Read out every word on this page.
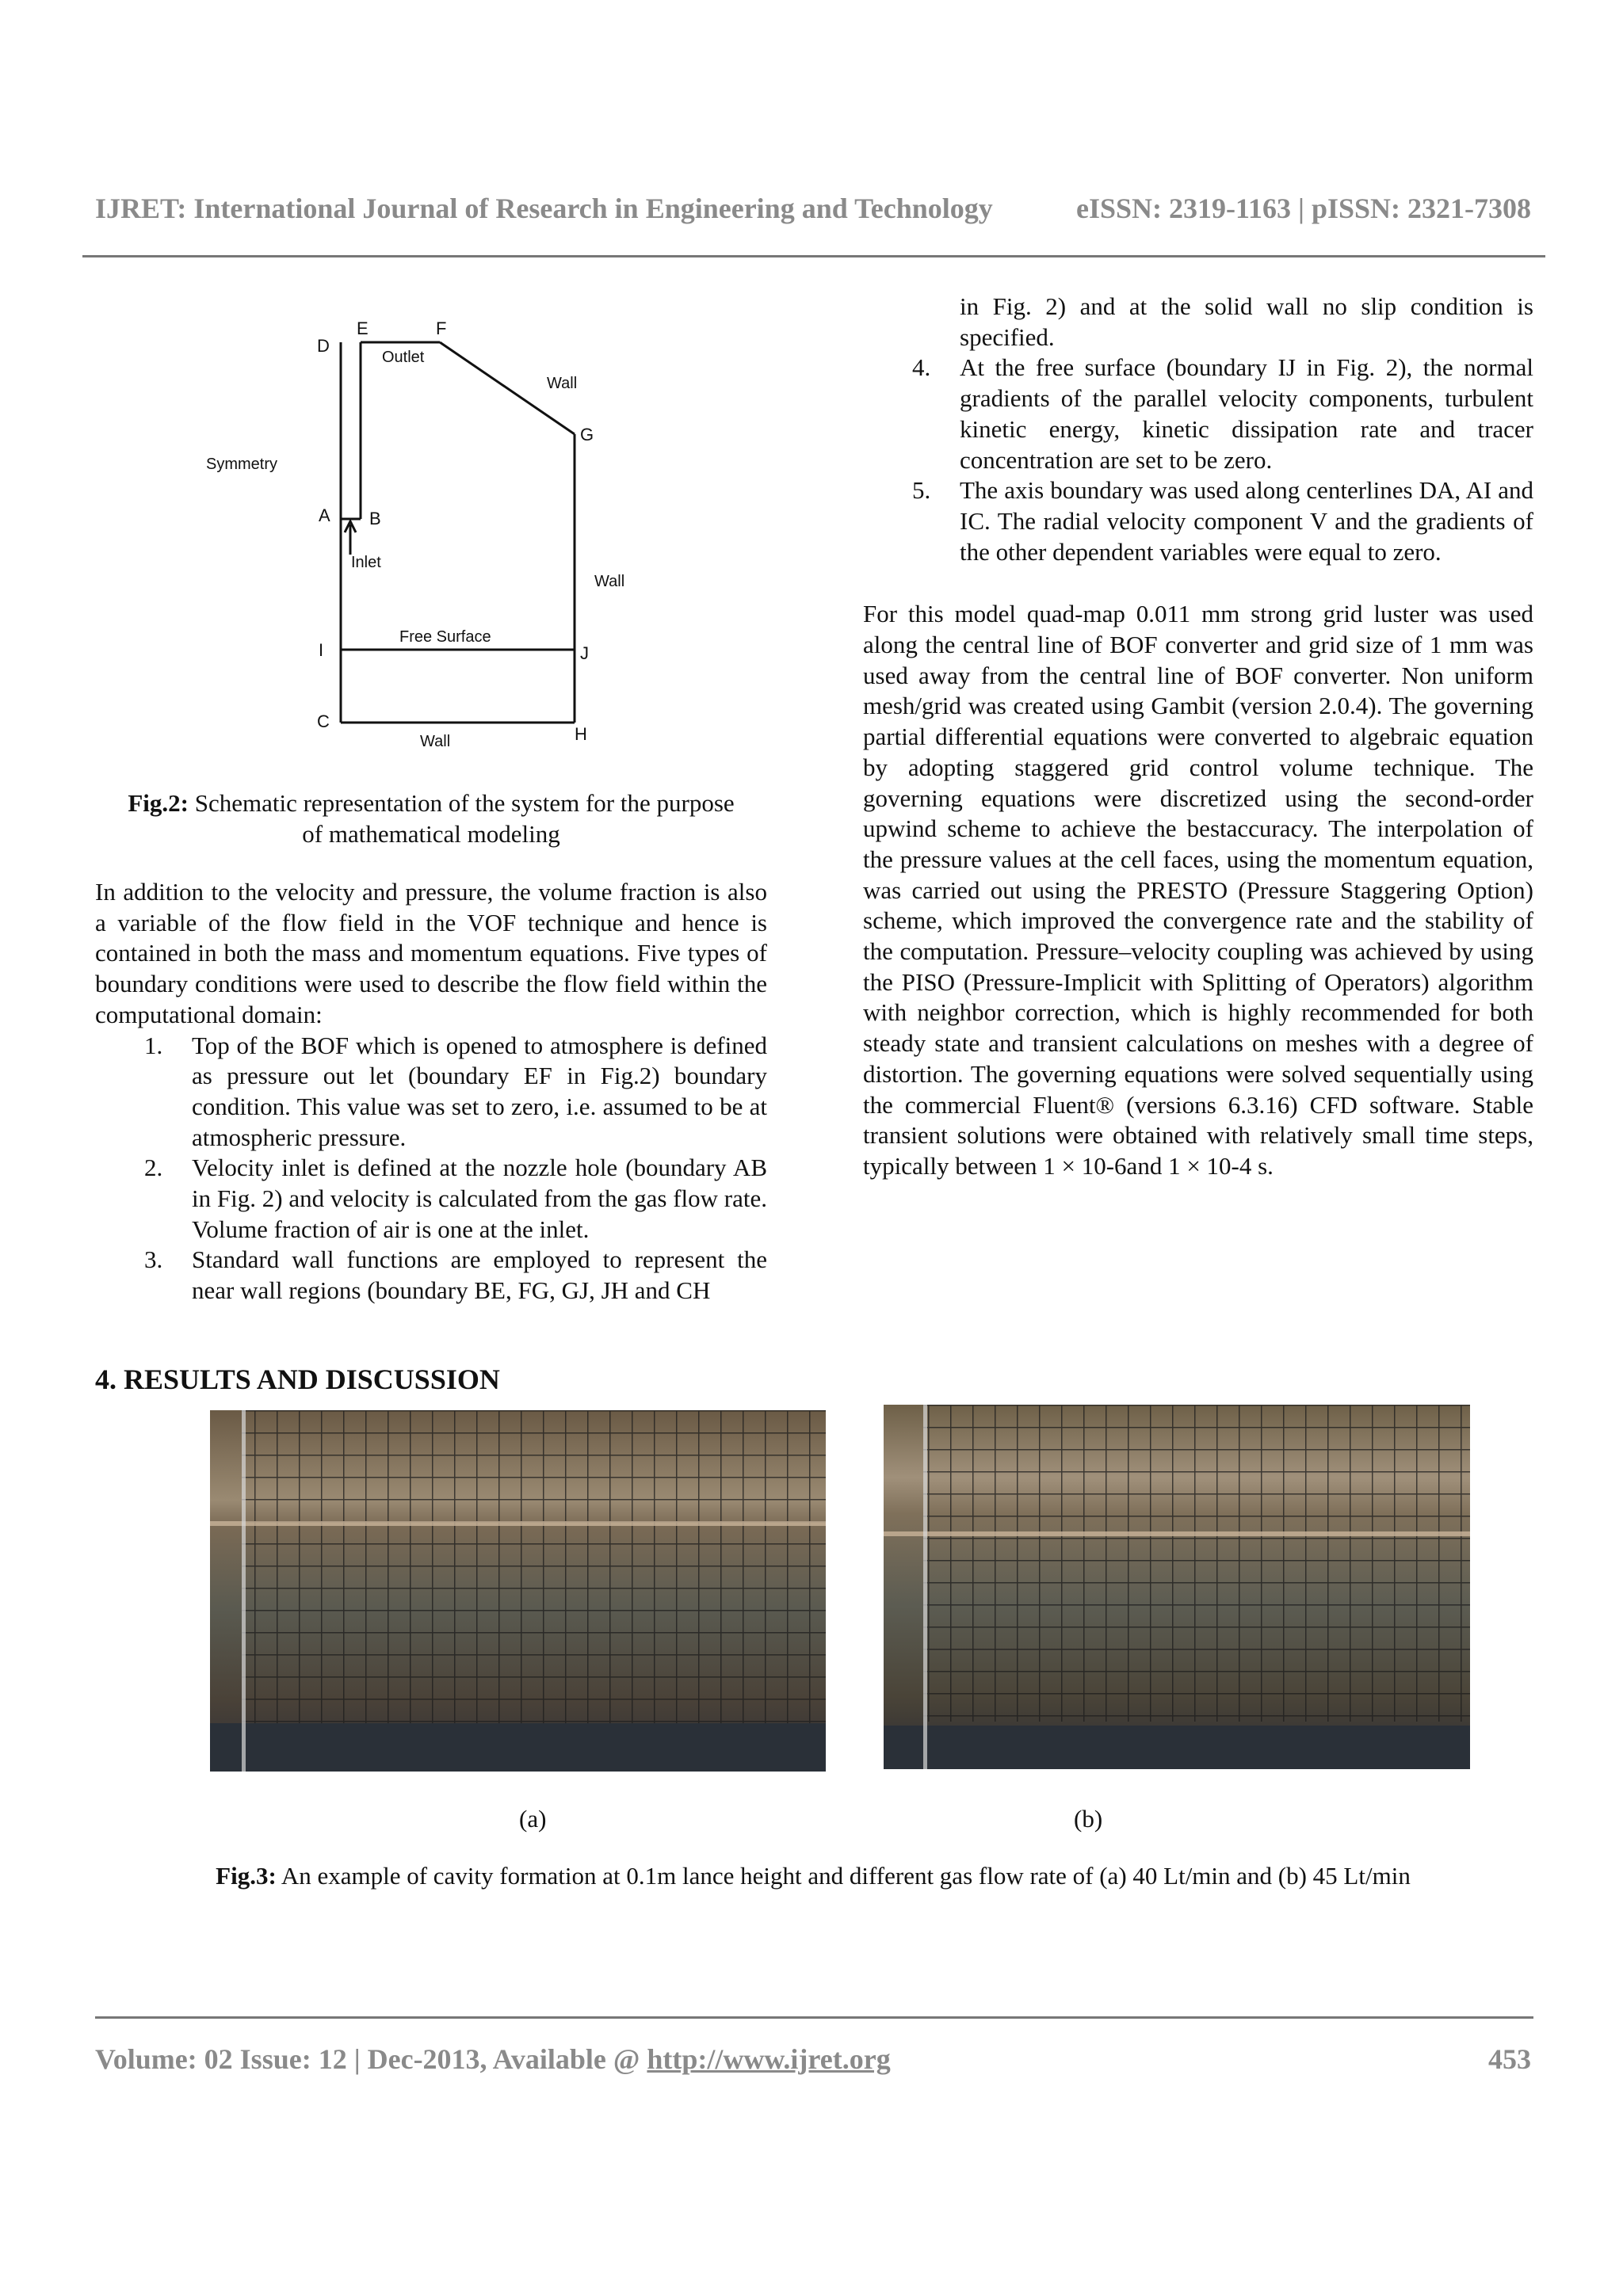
IJRET: International Journal of Research in Engineering and Technology	eISSN: 2319-1163 | pISSN: 2321-7308
D
E	F
G
A B
I	J
C
H
Outlet
Wall
Symmetry
Inlet
Wall
Free Surface
Wall

Fig.2: Schematic representation of the system for the purpose

of mathematical modeling

In addition to the velocity and pressure, the volume fraction is also a variable of the flow field in the VOF technique and hence is contained in both the mass and momentum equations. Five types of boundary conditions were used to describe the flow field within the computational domain:

1. Top of the BOF which is opened to atmosphere is defined as pressure out let (boundary EF in Fig.2) boundary condition. This value was set to zero, i.e. assumed to be at atmospheric pressure.
2. Velocity inlet is defined at the nozzle hole (boundary AB in Fig. 2) and velocity is calculated from the gas flow rate. Volume fraction of air is one at the inlet.
3. Standard wall functions are employed to represent the near wall regions (boundary BE, FG, GJ, JH and CH
in Fig. 2) and at the solid wall no slip condition is specified.
4. At the free surface (boundary IJ in Fig. 2), the normal gradients of the parallel velocity components, turbulent kinetic energy, kinetic dissipation rate and tracer concentration are set to be zero.
5. The axis boundary was used along centerlines DA, AI and IC. The radial velocity component V and the gradients of the other dependent variables were equal to zero.

For this model quad-map 0.011 mm strong grid luster was used along the central line of BOF converter and grid size of 1 mm was used away from the central line of BOF converter. Non uniform mesh/grid was created using Gambit (version 2.0.4). The governing partial differential equations were converted to algebraic equation by adopting staggered grid control volume technique. The governing equations were discretized using the second-order upwind scheme to achieve the bestaccuracy. The interpolation of the pressure values at the cell faces, using the momentum equation, was carried out using the PRESTO (Pressure Staggering Option) scheme, which improved the convergence rate and the stability of the computation. Pressure–velocity coupling was achieved by using the PISO (Pressure-Implicit with Splitting of Operators) algorithm with neighbor correction, which is highly recommended for both steady state and transient calculations on meshes with a degree of distortion. The governing equations were solved sequentially using the commercial Fluent® (versions 6.3.16) CFD software. Stable transient solutions were obtained with relatively small time steps, typically between 1 × 10-6and 1 × 10-4 s.

4. RESULTS AND DISCUSSION
(a)	(b)
Fig.3: An example of cavity formation at 0.1m lance height and different gas flow rate of (a) 40 Lt/min and (b) 45 Lt/min
Volume: 02 Issue: 12 | Dec-2013, Available @ http://www.ijret.org	453
